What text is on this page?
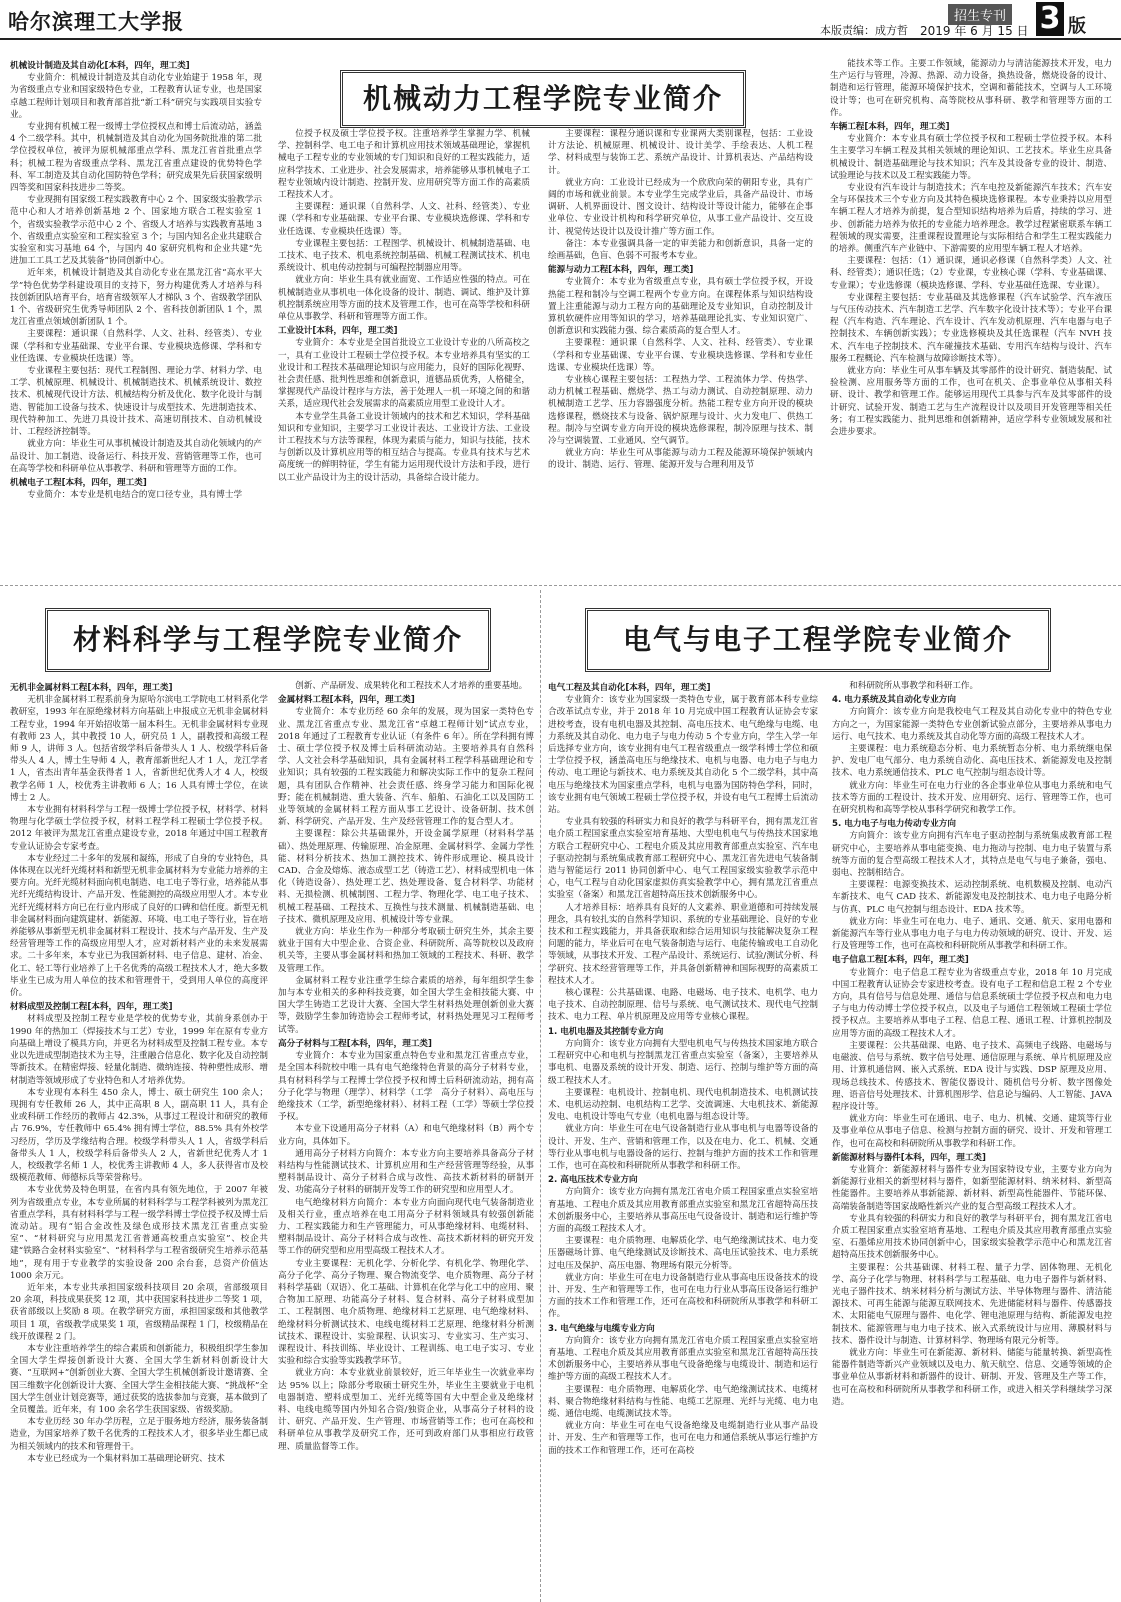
哈尔滨理工大学报	招生专刊
本版责编：成方哲 2019 年 6 月 15 日 3 版
机械动力工程学院专业简介
材料科学与工程学院专业简介	电气与电子工程学院专业简介

机械设计制造及其自动化[本科，四年，理工类]

专业简介：机械设计制造及其自动化专业始建于 1958 年，现为省级重点专业和国家级特色专业，工程教育认证专业，也是国家卓越工程师计划项目和教育部首批“新工科”研究与实践项目实验专业。

专业拥有机械工程一级博士学位授权点和博士后流动站，涵盖 4 个二级学科。其中，机械制造及其自动化为国务院批准的第二批学位授权单位，被评为原机械部重点学科、黑龙江省首批重点学科；机械工程为省级重点学科、黑龙江省重点建设的优势特色学科、军工制造及其自动化国防特色学科；研究成果先后获国家级明四等奖和国家科技进步二等奖。

专业现拥有国家级工程实践教育中心 2 个、国家级实验教学示范中心和人才培养创新基地 2 个、国家地方联合工程实验室 1 个，省级实验教学示范中心 2 个、省级人才培养与实践教育基地 3 个、省级重点实验室和工程实验室 3 个；与国内知名企业共建联合实验室和实习基地 64 个，与国内 40 家研究机构和企业共建“先进加工工具工艺及其装备”协同创新中心。

近年来，机械设计制造及其自动化专业在黑龙江省“高水平大学”特色优势学科建设项目的支持下，努力构建优秀人才培养与科技创新团队培育平台，培育省级领军人才梯队 3 个、省级教学团队 1 个、省级研究生优秀导师团队 2 个、省科技创新团队 1 个，黑龙江省重点领域创新团队 1 个。

主要课程：通识课（自然科学、人文、社科、经管类）、专业课（学科和专业基础课、专业平台课、专业模块选修课、学科和专业任选课、专业模块任选课）等。

专业课程主要包括：现代工程制图、理论力学、材料力学、电工学、机械原理、机械设计、机械制造技术、机械系统设计、数控技术、机械现代设计方法、机械结构分析及优化、数字化设计与制造、智能加工设备与技术、快速设计与成型技术、先进制造技术、现代特种加工、先进刀具设计技术、高速切削技术、自动机械设计、工程经济控制等。

就业方向：毕业生可从事机械设计制造及其自动化领域内的产品设计、加工制造、设备运行、科技开发、营销管理等工作，也可在高等学校和科研单位从事教学、科研和管理等方面的工作。

机械电子工程[本科，四年，理工类]

专业简介：本专业是机电结合的宽口径专业，具有博士学

位授予权及硕士学位授予权。注重培养学生掌握力学、机械学、控制科学、电工电子和计算机应用技术领域基础理论，掌握机械电子工程专业的专业领域的专门知识和良好的工程实践能力，适应科学技术、工业进步、社会发展需求，培养能够从事机械电子工程专业领域内设计制造、控制开发、应用研究等方面工作的高素质工程技术人才。

主要课程：通识课（自然科学、人文、社科、经管类）、专业课（学科和专业基础课、专业平台课、专业模块选修课、学科和专业任选课、专业模块任选课）等。

专业课程主要包括：工程图学、机械设计、机械制造基础、电工技术、电子技术、机电系统控制基础、机械工程测试技术、机电系统设计、机电传动控制与可编程控制器应用等。

就业方向：毕业生具有就业面宽、工作适应性强的特点。可在机械制造业从事机电一体化设备的设计、制造、调试、维护及计算机控制系统应用等方面的技术及管理工作，也可在高等学校和科研单位从事教学、科研和管理等方面工作。

工业设计[本科，四年，理工类]

专业简介：本专业是全国首批设立工业设计专业的八所高校之一，具有工业设计工程硕士学位授予权。本专业培养具有坚实的工业设计和工程技术基础理论知识与应用能力，良好的国际化视野、社会责任感、批判性思维和创新意识，道德品质优秀，人格健全，掌握现代产品设计程序与方法，善于处理人一机一环境之间的和谐关系，适应现代社会发展需求的高素质应用型工业设计人才。

本专业学生具备工业设计领域内的技术和艺术知识，学科基础知识和专业知识，主要学习工业设计表达、工业设计方法、工业设计工程技术与方法等课程，体现为素质与能力，知识与技能，技术与创新以及计算机应用等的相互结合与提高。专业具有技术与艺术高度统一的鲜明特征，学生有能力运用现代设计方法和手段，进行以工业产品设计为主的设计活动，具备综合设计能力。

主要课程：课程分通识课和专业课两大类别课程，包括：工业设计方法论、机械原理、机械设计、设计美学、手绘表达、人机工程学、材料成型与装饰工艺、系统产品设计、计算机表达、产品结构设计。

就业方向：工业设计已经成为一个欣欣向荣的朝阳专业，具有广阔的市场和就业前景。本专业学生完成学业后，具备产品设计、市场调研、人机界面设计、图文设计、结构设计等设计能力，能够在企事业单位、专业设计机构和科学研究单位，从事工业产品设计、交互设计、视觉传达设计以及设计推广等方面工作。

备注：本专业强调具备一定的审美能力和创新意识，具备一定的绘画基础，色盲、色弱不可报考本专业。

能源与动力工程[本科，四年，理工类]

专业简介：本专业为省级重点专业，具有硕士学位授予权，开设热能工程和制冷与空调工程两个专业方向。在课程体系与知识结构设置上注重能源与动力工程方向的基础理论及专业知识，自动控制及计算机软硬件应用等知识的学习，培养基础理论扎实、专业知识宽广、创新意识和实践能力强、综合素质高的复合型人才。

主要课程：通识课（自然科学、人文、社科、经管类）、专业课（学科和专业基础课、专业平台课、专业模块选修课、学科和专业任选课、专业模块任选课）等。

专业核心课程主要包括：工程热力学、工程流体力学、传热学、动力机械工程基础、燃烧学、热工与动力测试、自动控制原理、动力机械制造工艺学、压力容器强度分析。热能工程专业方向开设的模块选修课程，燃烧技术与设备、锅炉原理与设计、火力发电厂、供热工程。制冷与空调专业方向开设的模块选修课程，制冷原理与技术、制冷与空调装置、工业通风、空气调节。

就业方向：毕业生可从事能源与动力工程及能源环境保护领域内的设计、制造、运行、管理、能源开发与合理利用及节

能技术等工作。主要工作领域，能源动力与清洁能源技术开发，电力生产运行与管理，冷源、热源、动力设备，换热设备，燃烧设备的设计、制造和运行管理，能源环境保护技术，空调和蓄能技术，空调与人工环境设计等；也可在研究机构、高等院校从事科研、教学和管理等方面的工作。

车辆工程[本科，四年，理工类]

专业简介：本专业具有硕士学位授予权和工程硕士学位授予权。本科生主要学习车辆工程及其相关领域的理论知识、工艺技术。毕业生应具备机械设计、制造基础理论与技术知识；汽车及其设备专业的设计、制造、试验理论与技术以及工程实践能力等。

专业设有汽车设计与制造技术；汽车电控及新能源汽车技术；汽车安全与环保技术三个专业方向及其特色模块选修课程。本专业秉持以应用型车辆工程人才培养为前提，复合型知识结构培养为后盾，持续的学习、进步、创新能力培养为依托的专业能力培养理念。教学过程紧密联系车辆工程领域的现实需要，注重课程设置理论与实际相结合和学生工程实践能力的培养。侧重汽车产业链中、下游需要的应用型车辆工程人才培养。

主要课程：包括：（1）通识课，通识必修课（自然科学类）人文、社科、经管类）；通识任选；（2）专业课，专业核心课（学科、专业基础课、专业课）；专业选修课（模块选修课、学科、专业基础任选课、专业课）。

专业课程主要包括：专业基础及其选修课程（汽车试验学、汽车液压与气压传动技术、汽车制造工艺学、汽车数字化设计技术等）；专业平台课程（汽车构造、汽车理论、汽车设计、汽车发动机原理、汽车电器与电子控制技术、车辆创新实践）；专业选修模块及其任选课程（汽车 NVH 技术、汽车电子控制技术、汽车碰撞技术基础、专用汽车结构与设计、汽车服务工程概论、汽车检测与故障诊断技术等）。

就业方向：毕业生可从事车辆及其零部件的设计研究、制造装配、试验检测、应用服务等方面的工作，也可在机关、企事业单位从事相关科研、设计、教学和管理工作。能够运用现代工具参与汽车及其零部件的设计研究、试验开发、制造工艺与生产流程设计以及项目开发管理等相关任务；有工程实践能力、批判思维和创新精神，适应学科专业领域发展和社会进步要求。

无机非金属材料工程[本科，四年，理工类]

无机非金属材料工程系前身为原哈尔滨电工学院电工材料系化学教研室，1993 年在原绝缘材料方向基础上申报成立无机非金属材料工程专业，1994 年开始招收第一届本科生。无机非金属材料专业现有教师 23 人，其中教授 10 人，研究员 1 人，副教授和高级工程师 9 人，讲师 3 人。包括省级学科后备带头人 1 人、校级学科后备带头人 4 人，博士生导师 4 人，教育部新世纪人才 1 人，龙江学者 1 人，省杰出青年基金获得者 1 人，省新世纪优秀人才 4 人，校级教学名师 1 人，校优秀主讲教师 6 人；16 人具有博士学位，在读博士 2 人。

本专业拥有材料科学与工程一级博士学位授予权，材料学、材料物理与化学硕士学位授予权，材料工程学科工程硕士学位授予权。2012 年被评为黑龙江省重点建设专业，2018 年通过中国工程教育专业认证协会专家考查。

本专业经过二十多年的发展和凝练，形成了自身的专业特色，具体体现在以光纤光缆材料和新型无机非金属材料为专业能力培养的主要方向。光纤光缆材料面向机电制造、电工电子等行业，培养能从事光纤光缆结构设计、产品开发、性能测控的高级应用型人才。本专业光纤光缆材料方向已在行业内形成了良好的口碑和信任度。新型无机非金属材料面向建筑建材、新能源、环境、电工电子等行业，旨在培养能够从事新型无机非金属材料工程设计、技术与产品开发、生产及经营管理等工作的高级应用型人才，应对新材料产业的未来发展需求。二十多年来，本专业已为我国新材料、电子信息、建材、冶金、化工、轻工等行业培养了上千名优秀的高级工程技术人才，绝大多数毕业生已成为用人单位的技术和管理骨干，受到用人单位的高度评价。

材料成型及控制工程[本科，四年，理工类]

材料成型及控制工程专业是学校的优势专业，其前身系创办于 1990 年的热加工（焊接技术与工艺）专业，1999 年在原有专业方向基础上增设了模具方向，并更名为材料成型及控制工程专业。本专业以先进成型制造技术为主导，注重融合信息化、数字化及自动控制等新技术。在精密焊接、轻量化制造、微纳连接、特种塑性成形、增材制造等领域形成了专业特色和人才培养优势。

本专业现有本科生 450 余人，博士、硕士研究生 100 余人；现拥有专任教师 26 人，其中正高职 8 人，副高职 11 人，具有企业或科研工作经历的教师占 42.3%，从事过工程设计和研究的教师占 76.9%，专任教师中 65.4% 拥有博士学位，88.5% 具有外校学习经历，学历及学缘结构合理。校级学科带头人 1 人，省级学科后备带头人 1 人，校级学科后备带头人 2 人，省新世纪优秀人才 1 人，校级教学名师 1 人，校优秀主讲教师 4 人，多人获得省市及校级模范教师、师德标兵等荣誉称号。

本专业优势及特色明显，在省内具有领先地位，于 2007 年被列为省级重点专业，本专业所属的材料科学与工程学科被列为黑龙江省重点学科，具有材料科学与工程一级学科博士学位授予权及博士后流动站。现有“铝合金改性及绿色成形技术黑龙江省重点实验室”、“材料研究与应用黑龙江省普通高校重点实验室”、校企共建“铁路合金材料实验室”、“材料科学与工程省级研究生培养示范基地”，现有用于专业教学的实验设备 200 余台套，总资产价值达 1000 余万元。

近年来，本专业共承担国家级科技项目 20 余项，省部级项目 20 余项，科技成果获奖 12 项，其中获国家科技进步二等奖 1 项，获省部级以上奖励 8 项。在教学研究方面，承担国家级和其他教学项目 1 项，省级教学成果奖 1 项，省级精品课程 1 门，校级精品在线开放课程 2 门。

本专业注重培养学生的综合素质和创新能力，积极组织学生参加全国大学生焊接创新设计大赛、全国大学生新材料创新设计大赛、“互联网+”创新创业大赛、全国大学生机械创新设计邀请赛、全国三维数字化创新设计大赛、全国大学生金相技能大赛、“挑战杯”全国大学生创业计划竞赛等，通过获奖的选拔参加与竞赛，基本做到了全员覆盖。近年来，有 100 余名学生获国家级、省级奖励。

本专业历经 30 年办学历程，立足于服务地方经济，服务装备制造业，为国家培养了数千名优秀的工程技术人才，很多毕业生都已成为相关领域内的技术和管理骨干。

本专业已经成为一个集材料加工基础理论研究、技术

创新、产品研发、成果转化和工程技术人才培养的重要基地。

金属材料工程[本科，四年，理工类]

专业简介：本专业历经 60 余年的发展，现为国家一类特色专业、黑龙江省重点专业、黑龙江省“卓越工程师计划”试点专业，2018 年通过了工程教育专业认证（有条件 6 年）。所在学科拥有博士、硕士学位授予权及博士后科研流动站。主要培养具有自然科学、人文社会科学基础知识，具有金属材料工程学科基础理论和专业知识；具有较强的工程实践能力和解决实际工作中的复杂工程问题，具有团队合作精神、社会责任感、终身学习能力和国际化视野；能在机械制造、重大装备、汽车、船舶、石油化工以及国防工业等领域的金属材料工程方面从事工艺设计、设备研制、技术创新、科学研究、产品开发、生产及经营管理工作的复合型人才。

主要课程：除公共基础课外，开设金属学原理（材料科学基础）、热处理原理、传输原理、冶金原理、金属材料学、金属力学性能、材料分析技术、热加工测控技术、铸件形成理论、模具设计 CAD、合金及熔炼、液态成型工艺（铸造工艺）、材料成型机电一体化（铸造设备）、热处理工艺、热处理设备、复合材料学、功能材料、无损检测、机械制图、工程力学、物理化学、电工电子技术、机械工程基础、工程技术、互换性与技术测量、机械制造基础、电子技术、微机原理及应用、机械设计等专业课。

就业方向：毕业生作为一种部分考取硕士研究生外，其余主要就业于国有大中型企业、合资企业、科研院所、高等院校以及政府机关等，主要从事金属材料和热加工领域的工程技术、科研、教学及管理工作。

金属材料工程专业注重学生综合素质的培养，每年组织学生参加与本专业相关的多种科技竞赛，如全国大学生金相技能大赛、中国大学生铸造工艺设计大赛、全国大学生材料热处理创新创业大赛等，鼓励学生参加铸造协会工程师考试，材料热处理见习工程师考试等。

高分子材料与工程[本科，四年，理工类]

专业简介：本专业为国家重点特色专业和黑龙江省重点专业，是全国本科院校中唯一具有电气绝缘特色背景的高分子材料专业，具有材料科学与工程博士学位授予权和博士后科研流动站，拥有高分子化学与物理（理学）、材料学（工学　高分子材料）、高电压与绝缘技术（工学，新型绝缘材料）、材料工程（工学）等硕士学位授予权。

本专业下设通用高分子材料（A）和电气绝缘材料（B）两个专业方向，具体如下。

通用高分子材料方向简介：本专业方向主要培养具备高分子材料结构与性能测试技术、计算机应用和生产经营管理等经验，从事塑料制品设计、高分子材料合成与改性、高技术新材料的研制开发、功能高分子材料的研制开发等工作的研究型和应用型人才。

电气绝缘材料方向简介：本专业方向面向现代电气装备制造业及相关行业，重点培养在电工用高分子材料领域具有较强创新能力、工程实践能力和生产管理能力，可从事绝缘材料、电缆材料、塑料制品设计、高分子材料合成与改性、高技术新材料的研究开发等工作的研究型和应用型高级工程技术人才。

专业主要课程：无机化学、分析化学、有机化学、物理化学、高分子化学、高分子物理、聚合物流变学、电介质物理、高分子材料科学基础（双语）、化工基础、计算机在化学与化工中的应用、聚合物加工原理、功能高分子材料、复合材料、高分子材料成型加工、工程制图、电介质物理、绝缘材料工艺原理、电气绝缘材料、绝缘材料分析测试技术、电线电缆材料工艺原理、绝缘材料分析测试技术、课程设计、实验课程、认识实习、专业实习、生产实习、课程设计、科技训练、毕业设计、工程训练、电工电子实习、专业实验和综合实验等实践教学环节。

就业方向：本专业就业前景较好，近三年毕业生一次就业率均达 95% 以上；除部分考取硕士研究生外，毕业生主要就业于电机电器制造、塑料成型加工、光纤光缆等国有大中型企业及绝缘材料、电线电缆等国内外知名合资/独资企业，从事高分子材料的设计、研究、产品开发、生产管理、市场营销等工作；也可在高校和科研单位从事教学及研究工作，还可到政府部门从事相应行政管理、质量监督等工作。

电气工程及其自动化[本科，四年，理工类]

专业简介：该专业为国家级一类特色专业，属于教育部本科专业综合改革试点专业，并于 2018 年 10 月完成中国工程教育认证协会专家进校考查，设有电机电器及其控制、高电压技术、电气绝缘与电缆、电力系统及其自动化、电力电子与电力传动 5 个专业方向，学生入学一年后选择专业方向，该专业拥有电气工程省级重点一级学科博士学位和硕士学位授予权，涵盖高电压与绝缘技术、电机与电器、电力电子与电力传动、电工理论与新技术、电力系统及其自动化 5 个二级学科，其中高电压与绝缘技术为国家重点学科，电机与电器为国防特色学科，同时，该专业拥有电气领域工程硕士学位授予权，并设有电气工程博士后流动站。

专业具有较强的科研实力和良好的教学与科研平台，拥有黑龙江省电介质工程国家重点实验室培育基地、大型电机电气与传热技术国家地方联合工程研究中心、工程电介质及其应用教育部重点实验室、汽车电子驱动控制与系统集成教育部工程研究中心、黑龙江省先进电气装备制造与智能运行 2011 协同创新中心、电气工程国家级实验教学示范中心，电气工程与自动化国家虚拟仿真实验教学中心，拥有黑龙江省重点实验室（备案）和黑龙江省超特高压技术创新服务中心。

人才培养目标：培养具有良好的人文素养、职业道德和可持续发展理念，具有较扎实的自然科学知识、系统的专业基础理论、良好的专业技术和工程实践能力，并具备获取和综合运用知识与技能解决复杂工程问题的能力，毕业后可在电气装备制造与运行、电能传输或电工自动化等领域，从事技术开发、工程产品设计、系统运行、试验/测试分析、科学研究、技术经营管理等工作，并具备创新精神和国际视野的高素质工程技术人才。

核心课程：公共基础课、电路、电磁场、电子技术、电机学、电力电子技术、自动控制原理、信号与系统、电气测试技术、现代电气控制技术、电力工程、单片机原理及应用等专业核心课程。

1. 电机电器及其控制专业方向

方向简介：该专业方向拥有大型电机电气与传热技术国家地方联合工程研究中心和电机与控制黑龙江省重点实验室（备案），主要培养从事电机、电器及系统的设计开发、制造、运行、控制与维护等方面的高级工程技术人才。

主要课程：电机设计、控制电机、现代电机制造技术、电机测试技术、电机运动控制、电机结构工艺学、交流调速、大电机技术、新能源发电、电机设计等电气专业（电机电器与组态设计等。

就业方向：毕业生可在电气设备制造行业从事电机与电器等设备的设计、开发、生产、营销和管理工作，以及在电力、化工、机械、交通等行业从事电机与电器设备的运行、控制与维护方面的技术工作和管理工作，也可在高校和科研院所从事教学和科研工作。

2. 高电压技术专业方向

方向简介：该专业方向拥有黑龙江省电介质工程国家重点实验室培育基地、工程电介质及其应用教育部重点实验室和黑龙江省超特高压技术创新服务中心，主要培养从事高压电气设备设计、制造和运行维护等方面的高级工程技术人才。

主要课程：电介质物理、电解质化学、电气绝缘测试技术、电力变压器磁场计算、电气绝缘测试及诊断技术、高电压试验技术、电力系统过电压及保护、高压电器、物理场有限元分析等。

就业方向：毕业生可在电力设备制造行业从事高电压设备技术的设计、开发、生产和管理等工作，也可在电力行业从事高压设备运行维护方面的技术工作和管理工作，还可在高校和科研院所从事教学和科研工作。

3. 电气绝缘与电缆专业方向

方向简介：该专业方向拥有黑龙江省电介质工程国家重点实验室培育基地、工程电介质及其应用教育部重点实验室和黑龙江省超特高压技术创新服务中心，主要培养从事电气设备绝缘与电缆设计、制造和运行维护等方面的高级工程技术人才。

主要课程：电介质物理、电解质化学、电气绝缘测试技术、电缆材料、聚合物绝缘材料结构与性能、电缆工艺原理、光纤与光缆、电力电缆、通信电缆、电缆测试技术等。

就业方向：毕业生可在电气设备绝缘及电缆制造行业从事产品设计、开发、生产和管理等工作，也可在电力和通信系统从事运行维护方面的技术工作和管理工作，还可在高校

和科研院所从事教学和科研工作。

4. 电力系统及其自动化专业方向

方向简介：该专业方向是我校电气工程及其自动化专业中的特色专业方向之一，为国家能源一类特色专业创新试验点部分，主要培养从事电力运行、电气技术、电力系统及其自动化等方面的高级工程技术人才。

主要课程：电力系统稳态分析、电力系统暂态分析、电力系统继电保护、发电厂电气部分、电力系统自动化、高电压技术、新能源发电及控制技术、电力系统通信技术、PLC 电气控制与组态设计等。

就业方向：毕业生可在电力行业的各企事业单位从事电力系统和电气技术等方面的工程设计、技术开发、应用研究、运行、管理等工作，也可在研究机构和高等学校从事科学研究和教学工作。

5. 电力电子与电力传动专业方向

方向简介：该专业方向拥有汽车电子驱动控制与系统集成教育部工程研究中心，主要培养从事电能变换、电力拖动与控制、电力电子装置与系统等方面的复合型高级工程技术人才，其特点是电气与电子兼备，强电、弱电、控制相结合。

主要课程：电源变换技术、运动控制系统、电机数模及控制、电动汽车新技术、电气 CAD 技术、新能源发电及控制技术、电力电子电路分析与仿真、PLC 电气控制与组态设计、EDA 技术等。

就业方向：毕业生可在电力、电子、通讯、交通、航天、家用电器和新能源汽车等行业从事电力电子与电力传动领域的研究、设计、开发、运行及管理等工作，也可在高校和科研院所从事教学和科研工作。

电子信息工程[本科，四年，理工类]

专业简介：电子信息工程专业为省级重点专业，2018 年 10 月完成中国工程教育认证协会专家进校考查。设有电子工程和信息工程 2 个专业方向，具有信号与信息处理、通信与信息系统硕士学位授予权点和电力电子与电力传动博士学位授予权点，以及电子与通信工程领域工程硕士学位授予权点。主要培养从事电子工程、信息工程、通讯工程、计算机控制及应用等方面的高级工程技术人才。

主要课程：公共基础课、电路、电子技术、高频电子线路、电磁场与电磁波、信号与系统、数字信号处理、通信原理与系统、单片机原理及应用、计算机通信网、嵌入式系统、EDA 设计与实践、DSP 原理及应用、现场总线技术、传感技术、智能仪器设计、随机信号分析、数字图像处理、语音信号处理技术、计算机图形学、信息论与编码、人工智能、JAVA 程序设计等。

就业方向：毕业生可在通讯、电子、电力、机械、交通、建筑等行业及事业单位从事电子信息、检测与控制方面的研究、设计、开发和管理工作，也可在高校和科研院所从事教学和科研工作。

新能源材料与器件[本科，四年，理工类]

专业简介：新能源材料与器件专业为国家特设专业，主要专业方向为新能源行业相关的新型材料与器件，如新型能源材料、纳米材料、新型高性能器件。主要培养从事新能源、新材料、新型高性能器件、节能环保、高端装备制造等国家战略性新兴产业的复合型高级工程技术人才。

专业具有较强的科研实力和良好的教学与科研平台，拥有黑龙江省电介质工程国家重点实验室培育基地、工程电介质及其应用教育部重点实验室、石墨烯应用技术协同创新中心，国家级实验教学示范中心和黑龙江省超特高压技术创新服务中心。

主要课程：公共基础课、材料工程、量子力学、固体物理、无机化学、高分子化学与物理、材料科学与工程基础、电力电子器件与新材料、光电子器件技术、纳米材料分析与测试方法、半导体物理与器件、清洁能源技术、可再生能源与能源互联网技术、先进储能材料与器件、传感器技术、太阳能电气原理与器件、电化学、锂电池原理与结构、新能源发电控制技术、能源管理与电力电子技术、嵌入式系统设计与应用、薄膜材料与技术、器件设计与制造、计算材料学、物理场有限元分析等。

就业方向：毕业生可在新能源、新材料、储能与能量转换、新型高性能器件制造等新兴产业领域以及电力、航天航空、信息、交通等领域的企事业单位从事新材料和新器件的设计、研制、开发、管理及生产等工作，也可在高校和科研院所从事教学和科研工作，或进入相关学科继续学习深造。
